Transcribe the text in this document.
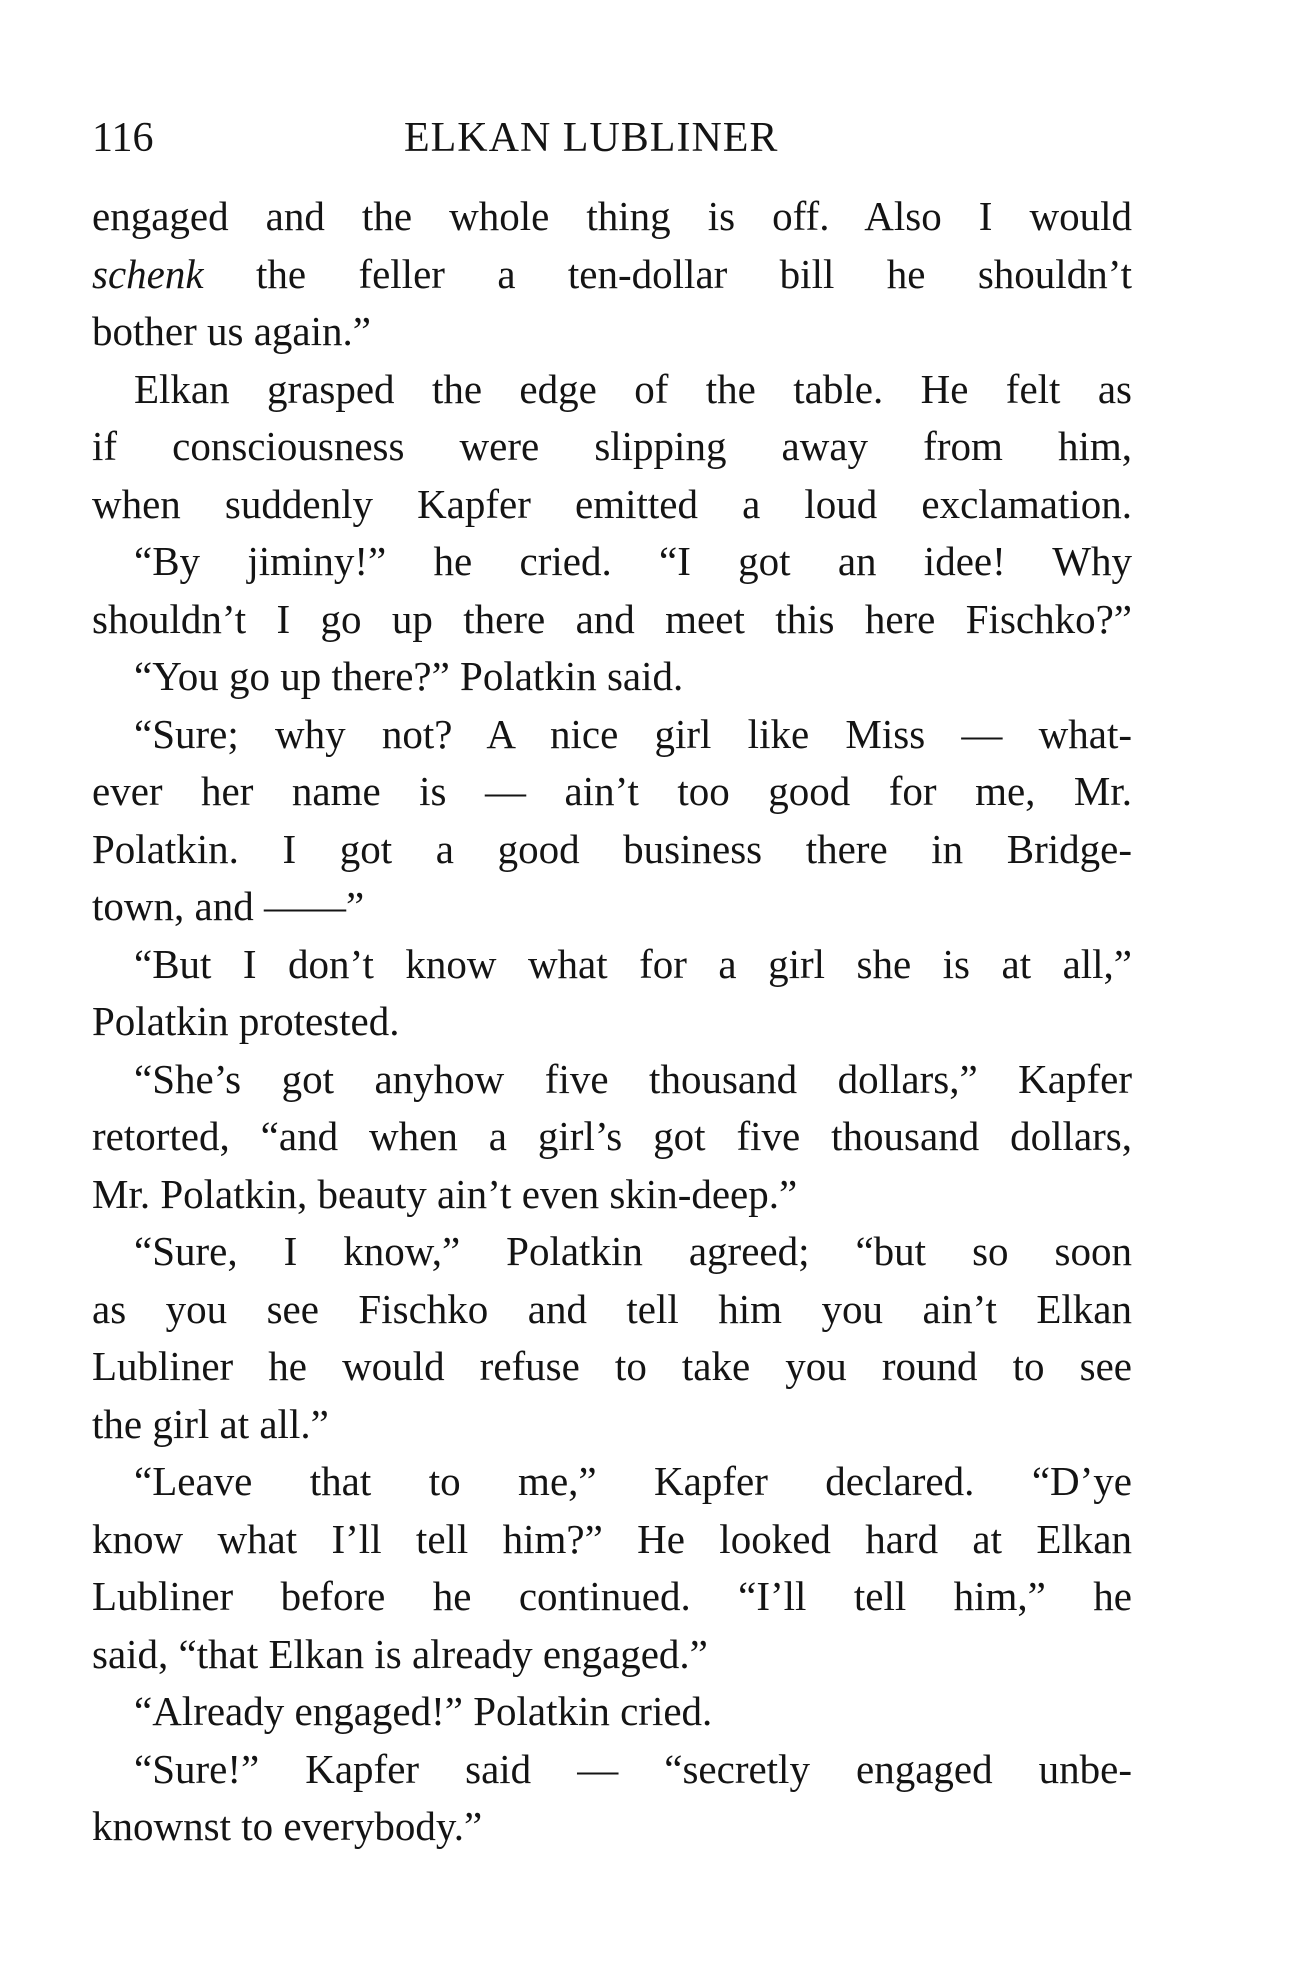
116	ELKAN LUBLINER
engaged and the whole thing is off. Also I would
schenk the feller a ten-dollar bill he shouldn’t
bother us again.”
Elkan grasped the edge of the table. He felt as
if consciousness were slipping away from him,
when suddenly Kapfer emitted a loud exclamation.
“By jiminy!” he cried. “I got an idee! Why
shouldn’t I go up there and meet this here Fischko?”
“You go up there?” Polatkin said.
“Sure; why not? A nice girl like Miss — what-
ever her name is — ain’t too good for me, Mr.
Polatkin. I got a good business there in Bridge-
town, and ——”
“But I don’t know what for a girl she is at all,”
Polatkin protested.
“She’s got anyhow five thousand dollars,” Kapfer
retorted, “and when a girl’s got five thousand dollars,
Mr. Polatkin, beauty ain’t even skin-deep.”
“Sure, I know,” Polatkin agreed; “but so soon
as you see Fischko and tell him you ain’t Elkan
Lubliner he would refuse to take you round to see
the girl at all.”
“Leave that to me,” Kapfer declared. “D’ye
know what I’ll tell him?” He looked hard at Elkan
Lubliner before he continued. “I’ll tell him,” he
said, “that Elkan is already engaged.”
“Already engaged!” Polatkin cried.
“Sure!” Kapfer said — “secretly engaged unbe-
knownst to everybody.”
